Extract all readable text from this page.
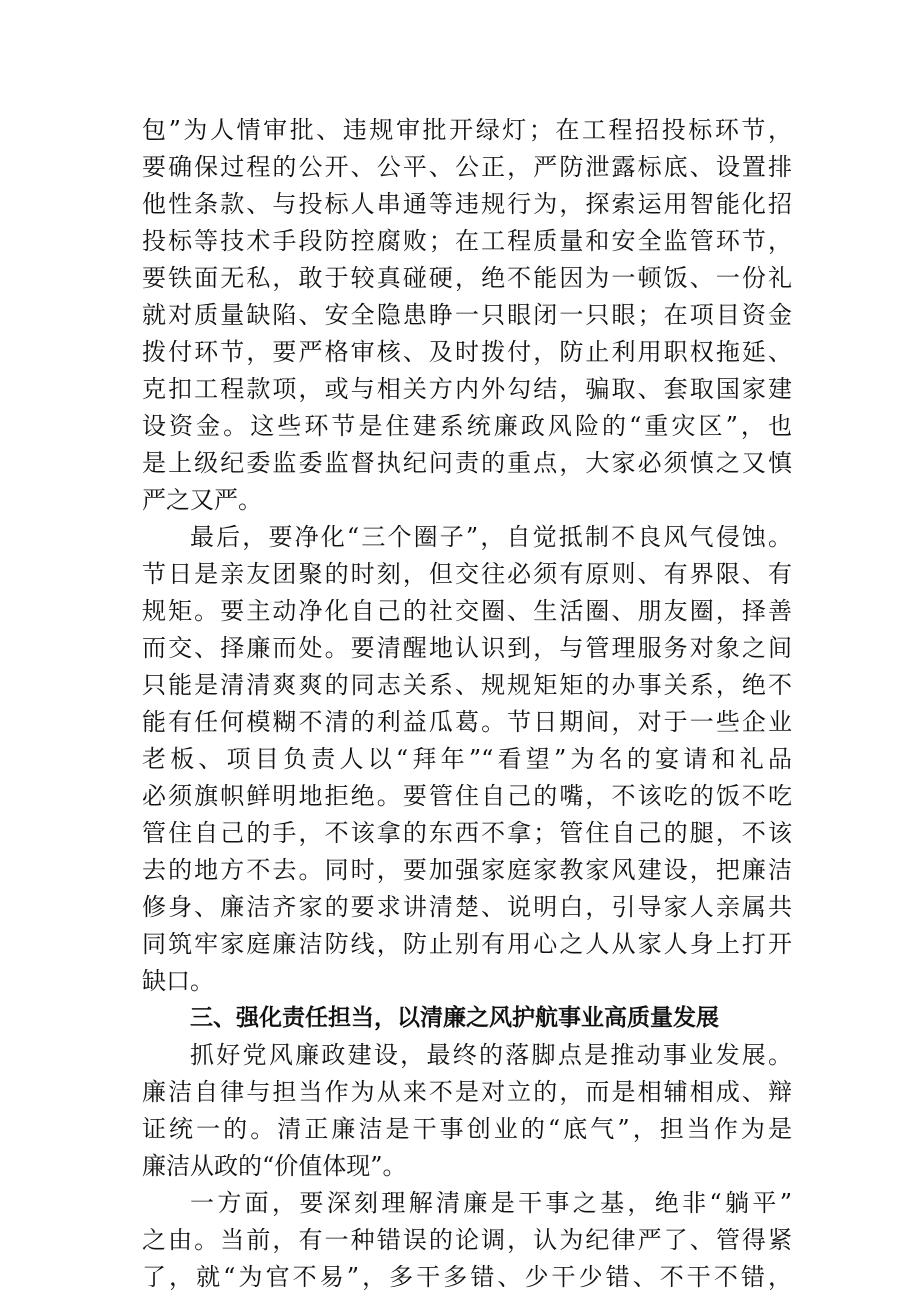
包”为人情审批、违规审批开绿灯；在工程招投标环节，
要确保过程的公开、公平、公正，严防泄露标底、设置排
他性条款、与投标人串通等违规行为，探索运用智能化招
投标等技术手段防控腐败；在工程质量和安全监管环节，
要铁面无私，敢于较真碰硬，绝不能因为一顿饭、一份礼
就对质量缺陷、安全隐患睁一只眼闭一只眼；在项目资金
拨付环节，要严格审核、及时拨付，防止利用职权拖延、
克扣工程款项，或与相关方内外勾结，骗取、套取国家建
设资金。这些环节是住建系统廉政风险的“重灾区”，也
是上级纪委监委监督执纪问责的重点，大家必须慎之又慎
严之又严。
最后，要净化“三个圈子”，自觉抵制不良风气侵蚀。
节日是亲友团聚的时刻，但交往必须有原则、有界限、有
规矩。要主动净化自己的社交圈、生活圈、朋友圈，择善
而交、择廉而处。要清醒地认识到，与管理服务对象之间
只能是清清爽爽的同志关系、规规矩矩的办事关系，绝不
能有任何模糊不清的利益瓜葛。节日期间，对于一些企业
老板、项目负责人以“拜年”“看望”为名的宴请和礼品
必须旗帜鲜明地拒绝。要管住自己的嘴，不该吃的饭不吃
管住自己的手，不该拿的东西不拿；管住自己的腿，不该
去的地方不去。同时，要加强家庭家教家风建设，把廉洁
修身、廉洁齐家的要求讲清楚、说明白，引导家人亲属共
同筑牢家庭廉洁防线，防止别有用心之人从家人身上打开
缺口。
三、强化责任担当，以清廉之风护航事业高质量发展
抓好党风廉政建设，最终的落脚点是推动事业发展。
廉洁自律与担当作为从来不是对立的，而是相辅相成、辩
证统一的。清正廉洁是干事创业的“底气”，担当作为是
廉洁从政的“价值体现”。
一方面，要深刻理解清廉是干事之基，绝非“躺平”
之由。当前，有一种错误的论调，认为纪律严了、管得紧
了，就“为官不易”，多干多错、少干少错、不干不错，
